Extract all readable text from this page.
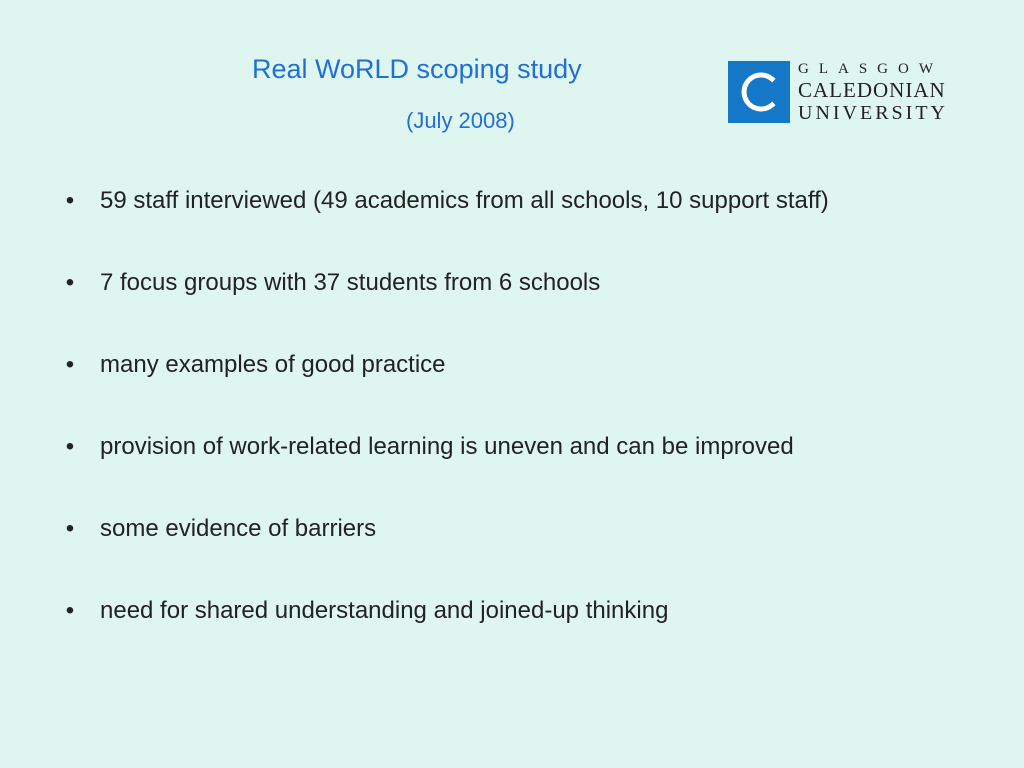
Real WoRLD scoping study
(July 2008)
GLASGOW
CALEDONIAN
UNIVERSITY
• 59 staff interviewed (49 academics from all schools, 10 support staff)
• 7 focus groups with 37 students from 6 schools
• many examples of good practice
• provision of work-related learning is uneven and can be improved
• some evidence of barriers
• need for shared understanding and joined-up thinking
